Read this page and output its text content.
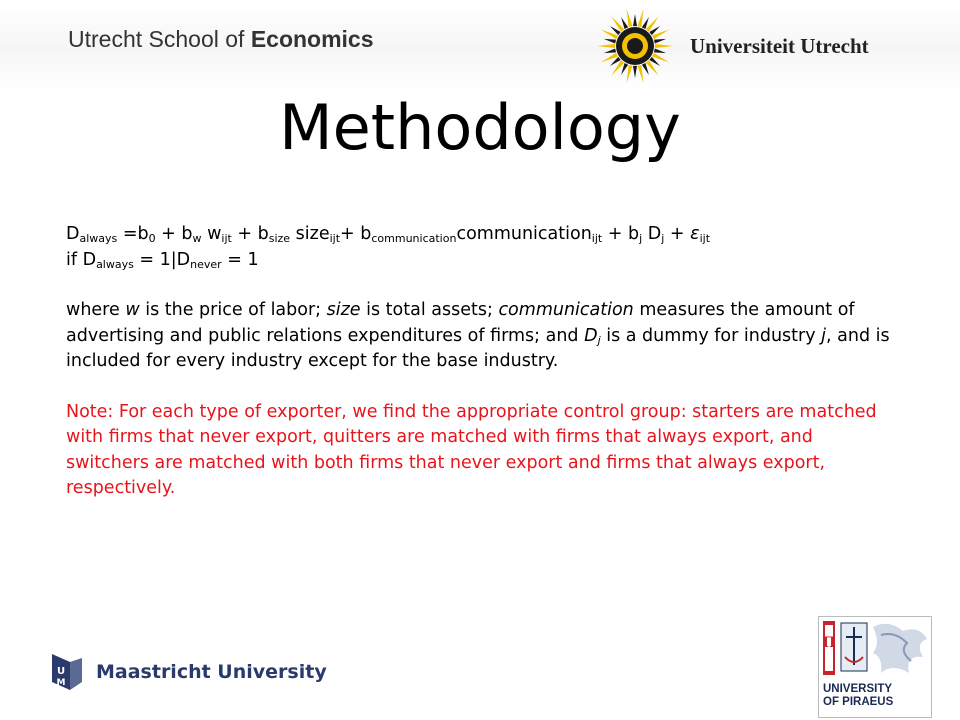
Utrecht School of Economics	Universiteit Utrecht
Methodology

$D_{always} =b_0 + b_w$ $w_{ijt} + b_{size}$ size$_{ijt}$+ $b_{communication}communication_{ijt} + b_j$ $D_j + \varepsilon_{ijt}$
if $D_{always} = 1|D_{never} = 1$

where w is the price of labor; size is total assets; communication measures the amount of advertising and public relations expenditures of firms; and $D_j$ is a dummy for industry j, and is included for every industry except for the base industry.

Note: For each type of exporter, we find the appropriate control group: starters are matched with firms that never export, quitters are matched with firms that always export, and switchers are matched with both firms that never export and firms that always export, respectively.

U
M Maastricht University
Π
UNIVERSITY
OF PIRAEUS
